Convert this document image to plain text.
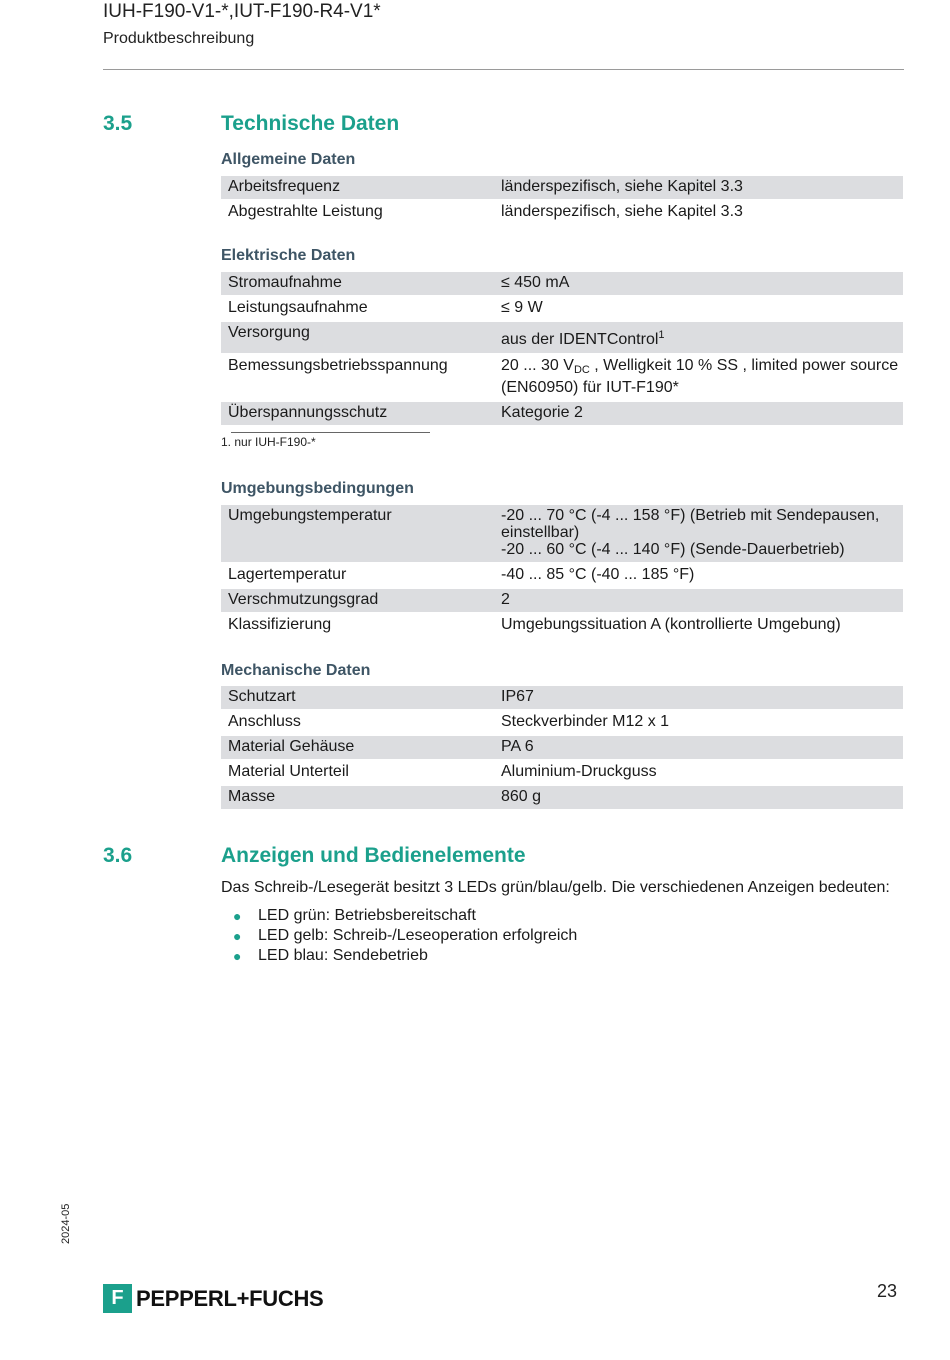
IUH-F190-V1-*,IUT-F190-R4-V1*
Produktbeschreibung
3.5	Technische Daten
Allgemeine Daten
Arbeitsfrequenz	länderspezifisch, siehe Kapitel 3.3
Abgestrahlte Leistung	länderspezifisch, siehe Kapitel 3.3
Elektrische Daten
Stromaufnahme	≤ 450 mA
Leistungsaufnahme	≤ 9 W
Versorgung	aus der IDENTControl$^1$
Bemessungsbetriebsspannung	20 ... 30 $V_{DC}$ , Welligkeit 10 % SS , limited power source
(EN60950) für IUT-F190*
Überspannungsschutz	Kategorie 2
1. nur IUH-F190-*
Umgebungsbedingungen
Umgebungstemperatur	-20 ... 70 °C (-4 ... 158 °F) (Betrieb mit Sendepausen,
einstellbar)
-20 ... 60 °C (-4 ... 140 °F) (Sende-Dauerbetrieb)
Lagertemperatur	-40 ... 85 °C (-40 ... 185 °F)
Verschmutzungsgrad	2
Klassifizierung	Umgebungssituation A (kontrollierte Umgebung)
Mechanische Daten
Schutzart	IP67
Anschluss	Steckverbinder M12 x 1
Material Gehäuse	PA 6
Material Unterteil	Aluminium-Druckguss
Masse	860 g
3.6	Anzeigen und Bedienelemente
Das Schreib-/Lesegerät besitzt 3 LEDs grün/blau/gelb. Die verschiedenen Anzeigen bedeuten:
●	LED grün: Betriebsbereitschaft
●	LED gelb: Schreib-/Leseoperation erfolgreich
●	LED blau: Sendebetrieb
2024-05
F PEPPERL+FUCHS	23
